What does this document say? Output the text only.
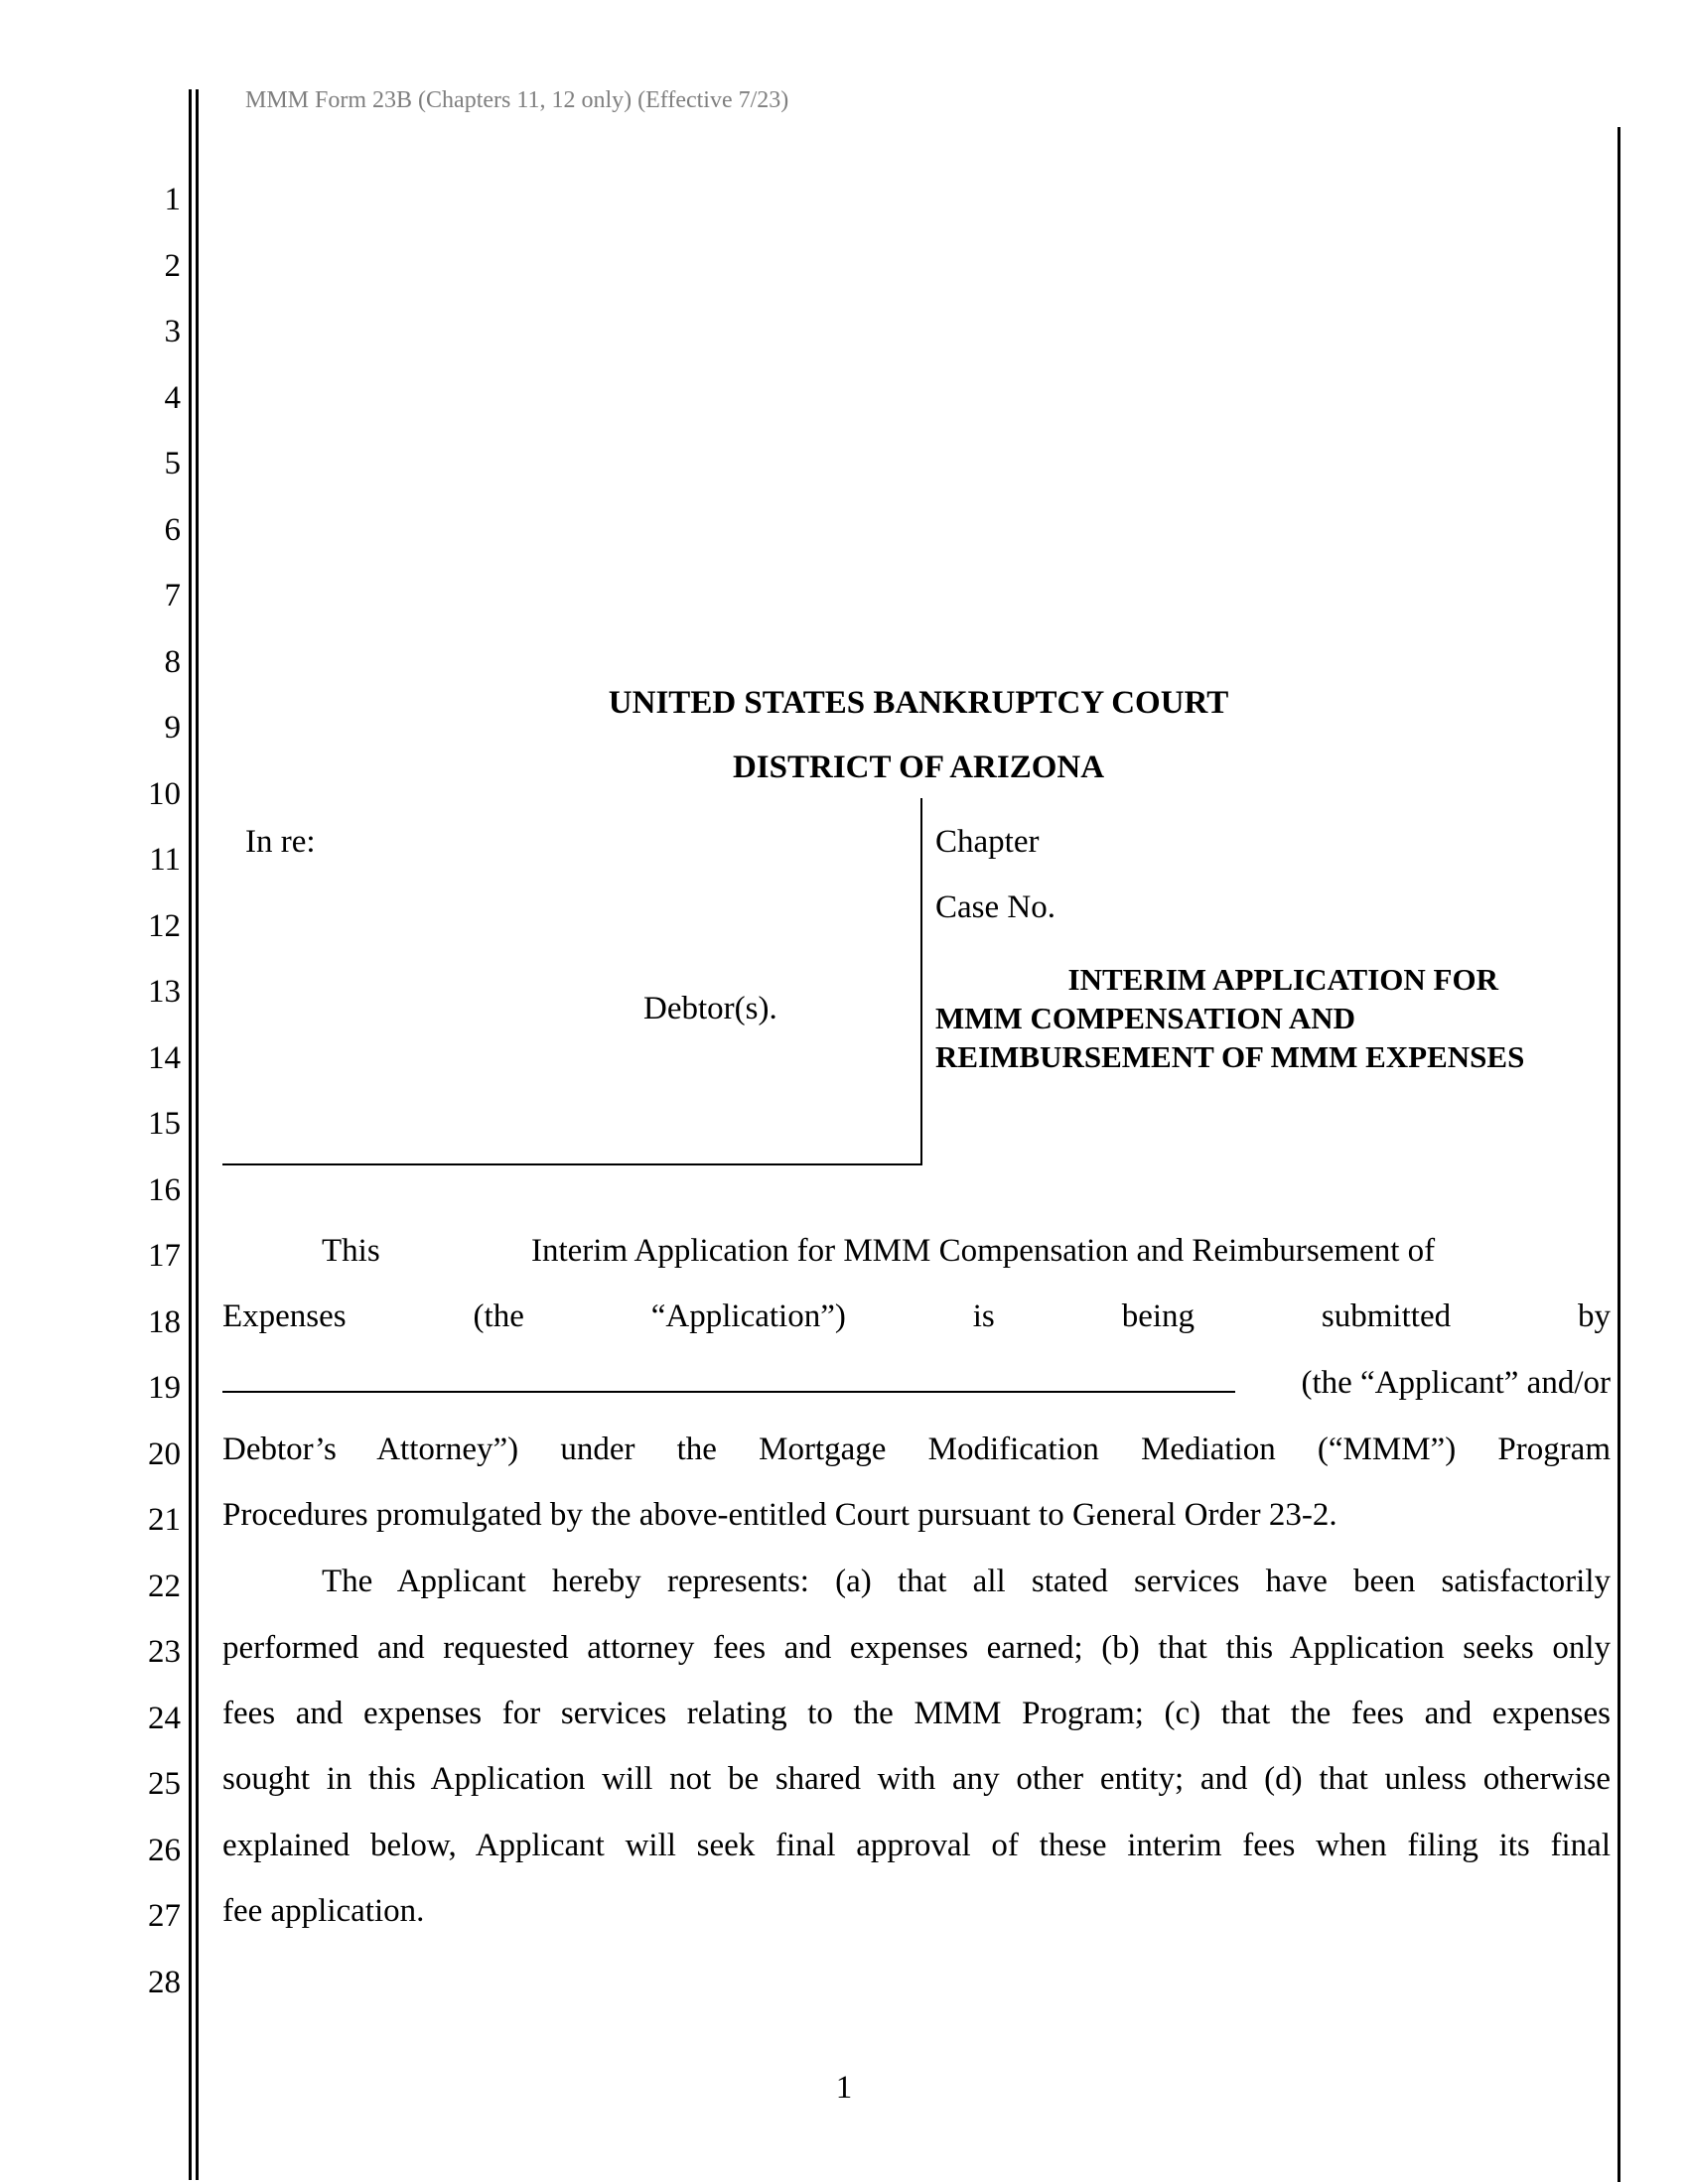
MMM Form 23B (Chapters 11, 12 only) (Effective 7/23)
1
2
3
4
5
6
7
8
9
10
11
12
13
14
15
16
17
18
19
20
21
22
23
24
25
26
27
28
UNITED STATES BANKRUPTCY COURT
DISTRICT OF ARIZONA
In re:
Debtor(s).
Chapter
Case No.
INTERIM APPLICATION FOR
MMM COMPENSATION AND
REIMBURSEMENT OF MMM EXPENSES
This	Interim Application for MMM Compensation and Reimbursement of
Expenses	(the	“Application”)	is	being	submitted	by
(the “Applicant” and/or
Debtor’s Attorney”) under the Mortgage Modification Mediation (“MMM”) Program
Procedures promulgated by the above-entitled Court pursuant to General Order 23-2.
The Applicant hereby represents: (a) that all stated services have been satisfactorily
performed and requested attorney fees and expenses earned; (b) that this Application seeks only
fees and expenses for services relating to the MMM Program; (c) that the fees and expenses
sought in this Application will not be shared with any other entity; and (d) that unless otherwise
explained below, Applicant will seek final approval of these interim fees when filing its final
fee application.
1
